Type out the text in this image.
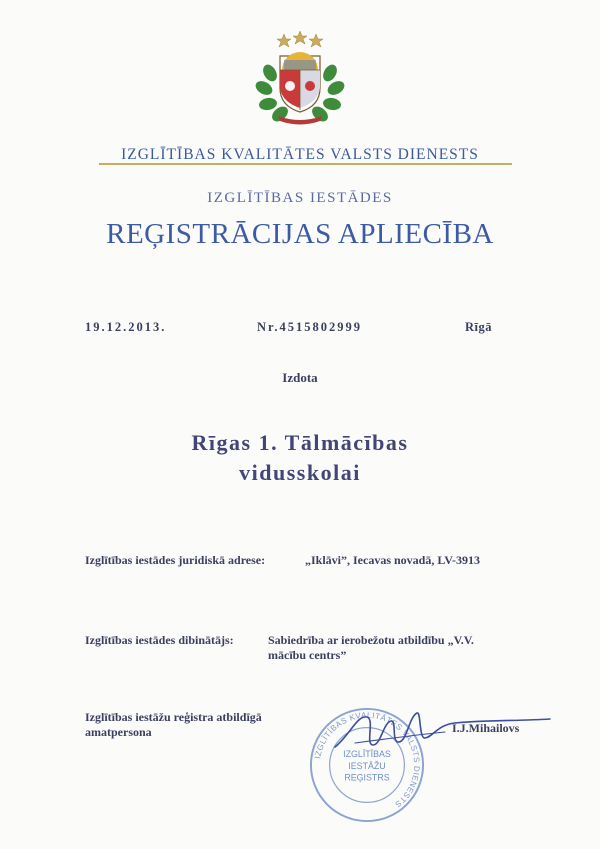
IZGLĪTĪBAS KVALITĀTES VALSTS DIENESTS
IZGLĪTĪBAS IESTĀDES
REĢISTRĀCIJAS APLIECĪBA
19.12.2013.	Nr.4515802999	Rīgā
Izdota
Rīgas 1. Tālmācības
vidusskolai
Izglītības iestādes juridiskā adrese:	„Iklāvi”, Iecavas novadā, LV-3913
Izglītības iestādes dibinātājs:	Sabiedrība ar ierobežotu atbildību „V.V. mācību centrs”
Izglītības iestāžu reģistra atbildīgā amatpersona
IZGLĪTĪBAS KVALITĀTES VALSTS DIENESTS
IZGLĪTĪBAS
IESTĀŽU
REĢISTRS
I.J.Mihailovs
